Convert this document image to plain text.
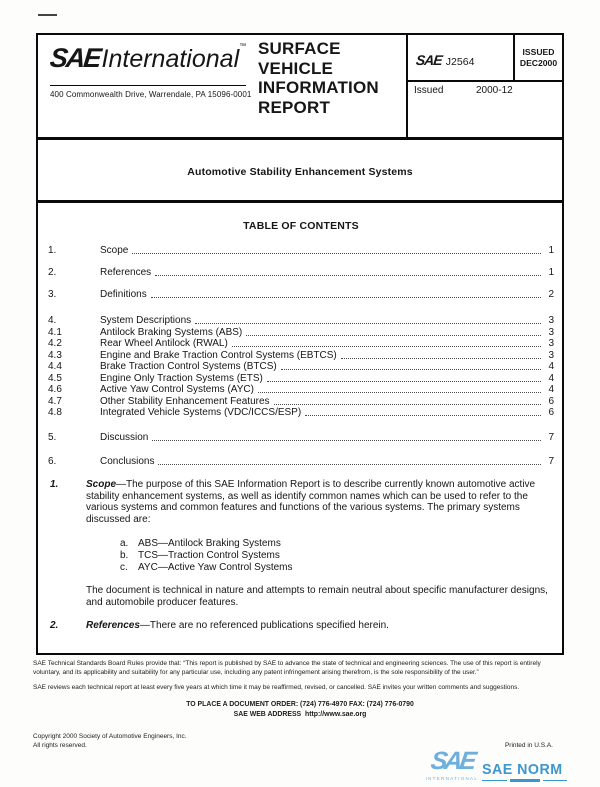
SAEInternational™
400 Commonwealth Drive, Warrendale, PA 15096-0001
SURFACE
VEHICLE
INFORMATION
REPORT
SAE J2564
ISSUED
DEC2000
Issued	2000-12
Automotive Stability Enhancement Systems
TABLE OF CONTENTS
1.	Scope	1
2.	References	1
3.	Definitions	2
4.	System Descriptions	3
4.1	Antilock Braking Systems (ABS)	3
4.2	Rear Wheel Antilock (RWAL)	3
4.3	Engine and Brake Traction Control Systems (EBTCS)	3
4.4	Brake Traction Control Systems (BTCS)	4
4.5	Engine Only Traction Systems (ETS)	4
4.6	Active Yaw Control Systems (AYC)	4
4.7	Other Stability Enhancement Features	6
4.8	Integrated Vehicle Systems (VDC/ICCS/ESP)	6
5.	Discussion	7
6.	Conclusions	7
1.	Scope—The purpose of this SAE Information Report is to describe currently known automotive active stability enhancement systems, as well as identify common names which can be used to refer to the various systems and common features and functions of the various systems. The primary systems discussed are:
a. ABS—Antilock Braking Systems
b. TCS—Traction Control Systems
c.	AYC—Active Yaw Control Systems
The document is technical in nature and attempts to remain neutral about specific manufacturer designs, and automobile producer features.
2.	References—There are no referenced publications specified herein.
SAE Technical Standards Board Rules provide that: “This report is published by SAE to advance the state of technical and engineering sciences. The use of this report is entirely voluntary, and its applicability and suitability for any particular use, including any patent infringement arising therefrom, is the sole responsibility of the user.”
SAE reviews each technical report at least every five years at which time it may be reaffirmed, revised, or cancelled. SAE invites your written comments and suggestions.
TO PLACE A DOCUMENT ORDER: (724) 776-4970 FAX: (724) 776-0790
SAE WEB ADDRESS http://www.sae.org
Copyright 2000 Society of Automotive Engineers, Inc.
All rights reserved.	Printed in U.S.A.
SAE
INTERNATIONAL
SAE NORM
